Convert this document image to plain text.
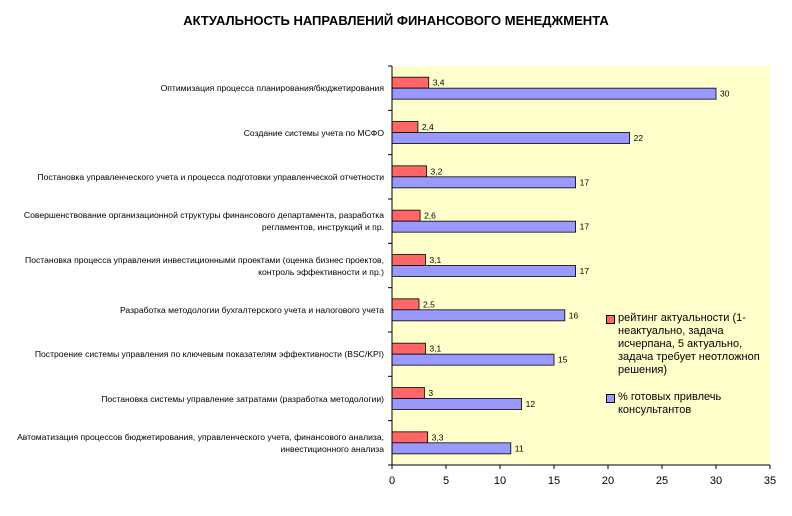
АКТУАЛЬНОСТЬ НАПРАВЛЕНИЙ ФИНАНСОВОГО МЕНЕДЖМЕНТА
3,4
30
2,4
22
3,2
17
2,6
17
3,1
17
2,5
16
3,1
15
3
12
3,3
11
0	5	10	15	20	25	30	35
Оптимизация процесса планирования/бюджетирования
Создание системы учета по МСФО
Постановка управленческого учета и процесса подготовки управленческой отчетности
Совершенствование организационной структуры финансового департамента, разработка регламентов, инструкций и пр.
Постановка процесса управления инвестиционными проектами (оценка бизнес проектов, контроль эффективности и пр.)
Разработка методологии бухгалтерского учета и налогового учета
Построение системы управления по ключевым показателям эффективности (BSC/KPI)
Постановка системы управление затратами (разработка методологии)
Автоматизация процессов бюджетирования, управленческого учета, финансового анализа, инвестиционного анализа
рейтинг актуальности (1- неактуально, задача исчерпана, 5 актуально, задача требует неотложноп решения)
% готовых привлечь консультантов
